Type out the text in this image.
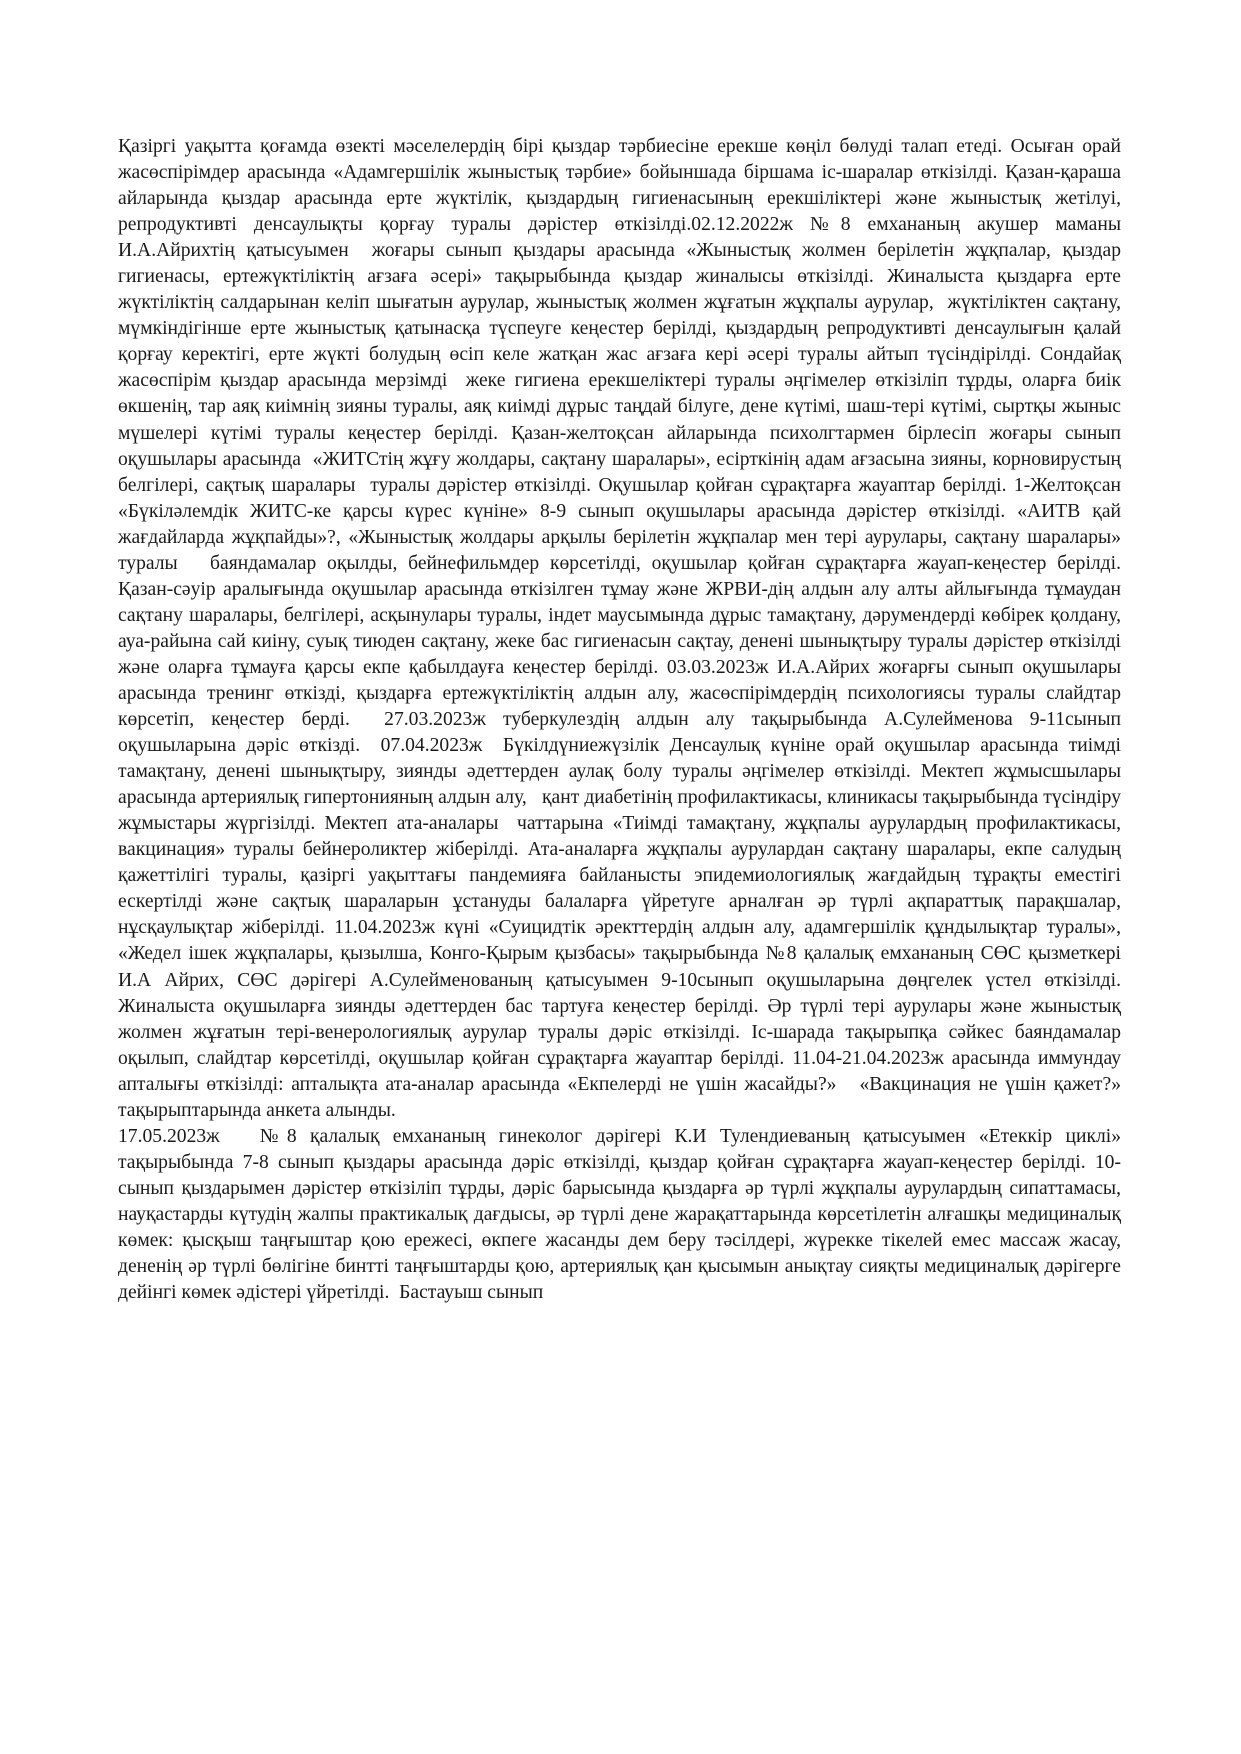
Қазіргі уақытта қоғамда өзекті мәселелердің бірі қыздар тәрбиесіне ерекше көңіл бөлуді талап етеді. Осыған орай жасөспірімдер арасында «Адамгершілік жыныстық тәрбие» бойыншада біршама іс-шаралар өткізілді. Қазан-қараша айларында қыздар арасында ерте жүктілік, қыздардың гигиенасының ерекшіліктері және жыныстық жетілуі, репродуктивті денсаулықты қорғау туралы дәрістер өткізілді.02.12.2022ж №8 емхананың акушер маманы И.А.Айрихтің қатысуымен  жоғары сынып қыздары арасында «Жыныстық жолмен берілетін жұқпалар, қыздар гигиенасы, ертежүктіліктің ағзаға әсері» тақырыбында қыздар жиналысы өткізілді. Жиналыста қыздарға ерте жүктіліктің салдарынан келіп шығатын аурулар, жыныстық жолмен жұғатын жұқпалы аурулар,  жүктіліктен сақтану, мүмкіндігінше ерте жыныстық қатынасқа түспеуге кеңестер берілді, қыздардың репродуктивті денсаулығын қалай қорғау керектігі, ерте жүкті болудың өсіп келе жатқан жас ағзаға кері әсері туралы айтып түсіндірілді. Сондайақ  жасөспірім қыздар арасында мерзімді  жеке гигиена ерекшеліктері туралы әңгімелер өткізіліп тұрды, оларға биік өкшенің, тар аяқ киімнің зияны туралы, аяқ киімді дұрыс таңдай білуге, дене күтімі, шаш-тері күтімі, сыртқы жыныс мүшелері күтімі туралы кеңестер берілді. Қазан-желтоқсан айларында психолгтармен бірлесіп жоғары сынып оқушылары арасында  «ЖИТСтің жұғу жолдары, сақтану шаралары», есірткінің адам ағзасына зияны, корновирустың белгілері, сақтық шаралары  туралы дәрістер өткізілді. Оқушылар қойған сұрақтарға жауаптар берілді. 1-Желтоқсан «Бүкіләлемдік ЖИТС-ке қарсы күрес күніне» 8-9 сынып оқушылары арасында дәрістер өткізілді. «АИТВ қай жағдайларда жұқпайды»?, «Жыныстық жолдары арқылы берілетін жұқпалар мен тері аурулары, сақтану шаралары» туралы   баяндамалар оқылды, бейнефильмдер көрсетілді, оқушылар қойған сұрақтарға жауап-кеңестер берілді.                  Қазан-сәуір аралығында оқушылар арасында өткізілген тұмау және ЖРВИ-дің алдын алу алты айлығында тұмаудан сақтану шаралары, белгілері, асқынулары туралы, індет маусымында дұрыс тамақтану, дәрумендерді көбірек қолдану, ауа-райына сай киіну, суық тиюден сақтану, жеке бас гигиенасын сақтау, денені шынықтыру туралы дәрістер өткізілді және оларға тұмауға қарсы екпе қабылдауға кеңестер берілді. 03.03.2023ж И.А.Айрих жоғарғы сынып оқушылары арасында тренинг өткізді, қыздарға ертежүктіліктің алдын алу, жасөспірімдердің психологиясы туралы слайдтар көрсетіп, кеңестер берді.  27.03.2023ж туберкулездің алдын алу тақырыбында А.Сулейменова 9-11сынып оқушыларына дәріс өткізді.  07.04.2023ж  Бүкілдүниежүзілік Денсаулық күніне орай оқушылар арасында тиімді тамақтану, денені шынықтыру, зиянды әдеттерден аулақ болу туралы әңгімелер өткізілді. Мектеп жұмысшылары арасында артериялық гипертонияның алдын алу,   қант диабетінің профилактикасы, клиникасы тақырыбында түсіндіру жұмыстары жүргізілді. Мектеп ата-аналары  чаттарына «Тиімді тамақтану, жұқпалы аурулардың профилактикасы, вакцинация» туралы бейнероликтер жіберілді. Ата-аналарға жұқпалы аурулардан сақтану шаралары, екпе салудың қажеттілігі туралы, қазіргі уақыттағы пандемияға байланысты эпидемиологиялық жағдайдың тұрақты еместігі ескертілді және сақтық шараларын ұстануды балаларға үйретуге арналған әр түрлі ақпараттық парақшалар,  нұсқаулықтар жіберілді. 11.04.2023ж күні «Суицидтік әректтердің алдын алу, адамгершілік құндылықтар туралы», «Жедел ішек жұқпалары, қызылша, Конго-Қырым қызбасы» тақырыбында №8 қалалық емхананың СӨС қызметкері И.А Айрих, СӨС дәрігері А.Сулейменованың қатысуымен 9-10сынып оқушыларына дөңгелек үстел өткізілді. Жиналыста оқушыларға зиянды әдеттерден бас тартуға кеңестер берілді. Әр түрлі тері аурулары және жыныстық жолмен жұғатын тері-венерологиялық аурулар туралы дәріс өткізілді. Іс-шарада тақырыпқа сәйкес баяндамалар оқылып, слайдтар көрсетілді, оқушылар қойған сұрақтарға жауаптар берілді. 11.04-21.04.2023ж арасында иммундау апталығы өткізілді: апталықта ата-аналар арасында «Екпелерді не үшін жасайды?»   «Вакцинация не үшін қажет?» тақырыптарында анкета алынды.

17.05.2023ж   №8 қалалық емхананың гинеколог дәрігері К.И Тулендиеваның қатысуымен «Етеккір циклі» тақырыбында 7-8 сынып қыздары арасында дәріс өткізілді, қыздар қойған сұрақтарға жауап-кеңестер берілді. 10-сынып қыздарымен дәрістер өткізіліп тұрды, дәріс барысында қыздарға әр түрлі жұқпалы аурулардың сипаттамасы, науқастарды күтудің жалпы практикалық дағдысы, әр түрлі дене жарақаттарында көрсетілетін алғашқы медициналық көмек: қысқыш таңғыштар қою ережесі, өкпеге жасанды дем беру тәсілдері, жүрекке тікелей емес массаж жасау, дененің әр түрлі бөлігіне бинтті таңғыштарды қою, артериялық қан қысымын анықтау сияқты медициналық дәрігерге дейінгі көмек әдістері үйретілді.  Бастауыш сынып
